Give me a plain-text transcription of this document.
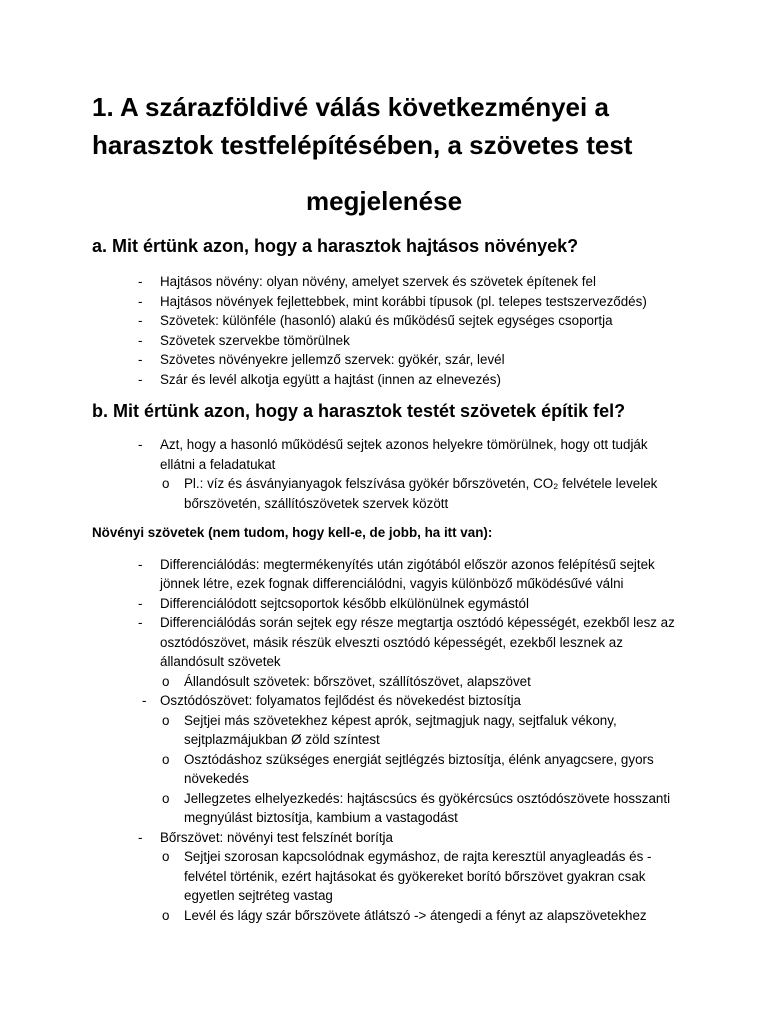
1. A szárazföldivé válás következményei a
harasztok testfelépítésében, a szövetes test
megjelenése
a. Mit értünk azon, hogy a harasztok hajtásos növények?
- Hajtásos növény: olyan növény, amelyet szervek és szövetek építenek fel
- Hajtásos növények fejlettebbek, mint korábbi típusok (pl. telepes testszerveződés)
- Szövetek: különféle (hasonló) alakú és működésű sejtek egységes csoportja
- Szövetek szervekbe tömörülnek
- Szövetes növényekre jellemző szervek: gyökér, szár, levél
- Szár és levél alkotja együtt a hajtást (innen az elnevezés)
b. Mit értünk azon, hogy a harasztok testét szövetek építik fel?
- Azt, hogy a hasonló működésű sejtek azonos helyekre tömörülnek, hogy ott tudják ellátni a feladatukat
o Pl.: víz és ásványianyagok felszívása gyökér bőrszövetén, CO₂ felvétele levelek bőrszövetén, szállítószövetek szervek között
Növényi szövetek (nem tudom, hogy kell-e, de jobb, ha itt van):
- Differenciálódás: megtermékenyítés után zigótából először azonos felépítésű sejtek jönnek létre, ezek fognak differenciálódni, vagyis különböző működésűvé válni
- Differenciálódott sejtcsoportok később elkülönülnek egymástól
- Differenciálódás során sejtek egy része megtartja osztódó képességét, ezekből lesz az osztódószövet, másik részük elveszti osztódó képességét, ezekből lesznek az állandósult szövetek
o Állandósult szövetek: bőrszövet, szállítószövet, alapszövet
- Osztódószövet: folyamatos fejlődést és növekedést biztosítja
o Sejtjei más szövetekhez képest aprók, sejtmagjuk nagy, sejtfaluk vékony, sejtplazmájukban Ø zöld színtest
o Osztódáshoz szükséges energiát sejtlégzés biztosítja, élénk anyagcsere, gyors növekedés
o Jellegzetes elhelyezkedés: hajtáscsúcs és gyökércsúcs osztódószövete hosszanti megnyúlást biztosítja, kambium a vastagodást
- Bőrszövet: növényi test felszínét borítja
o Sejtjei szorosan kapcsolódnak egymáshoz, de rajta keresztül anyagleadás és -felvétel történik, ezért hajtásokat és gyökereket borító bőrszövet gyakran csak egyetlen sejtréteg vastag
o Levél és lágy szár bőrszövete átlátszó -> átengedi a fényt az alapszövetekhez
